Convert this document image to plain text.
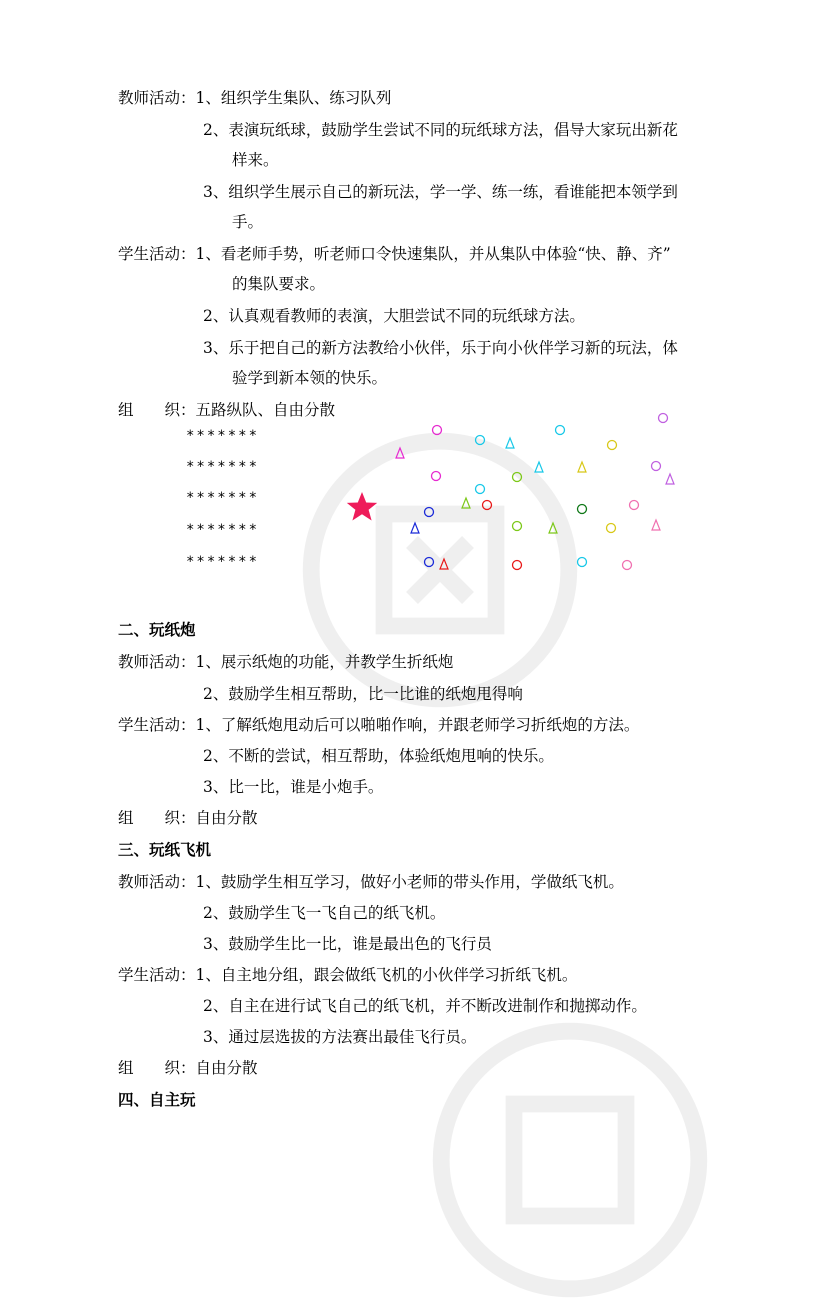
教师活动：1、组织学生集队、练习队列
2、表演玩纸球，鼓励学生尝试不同的玩纸球方法，倡导大家玩出新花
样来。
3、组织学生展示自己的新玩法，学一学、练一练，看谁能把本领学到
手。
学生活动：1、看老师手势，听老师口令快速集队，并从集队中体验“快、静、齐”
的集队要求。
2、认真观看教师的表演，大胆尝试不同的玩纸球方法。
3、乐于把自己的新方法教给小伙伴，乐于向小伙伴学习新的玩法，体
验学到新本领的快乐。
组　　织：五路纵队、自由分散
*******
*******
*******
*******
*******
二、玩纸炮
教师活动：1、展示纸炮的功能，并教学生折纸炮
2、鼓励学生相互帮助，比一比谁的纸炮甩得响
学生活动：1、了解纸炮甩动后可以啪啪作响，并跟老师学习折纸炮的方法。
2、不断的尝试，相互帮助，体验纸炮甩响的快乐。
3、比一比，谁是小炮手。
组　　织：自由分散
三、玩纸飞机
教师活动：1、鼓励学生相互学习，做好小老师的带头作用，学做纸飞机。
2、鼓励学生飞一飞自己的纸飞机。
3、鼓励学生比一比，谁是最出色的飞行员
学生活动：1、自主地分组，跟会做纸飞机的小伙伴学习折纸飞机。
2、自主在进行试飞自己的纸飞机，并不断改进制作和抛掷动作。
3、通过层选拔的方法赛出最佳飞行员。
组　　织：自由分散
四、自主玩
